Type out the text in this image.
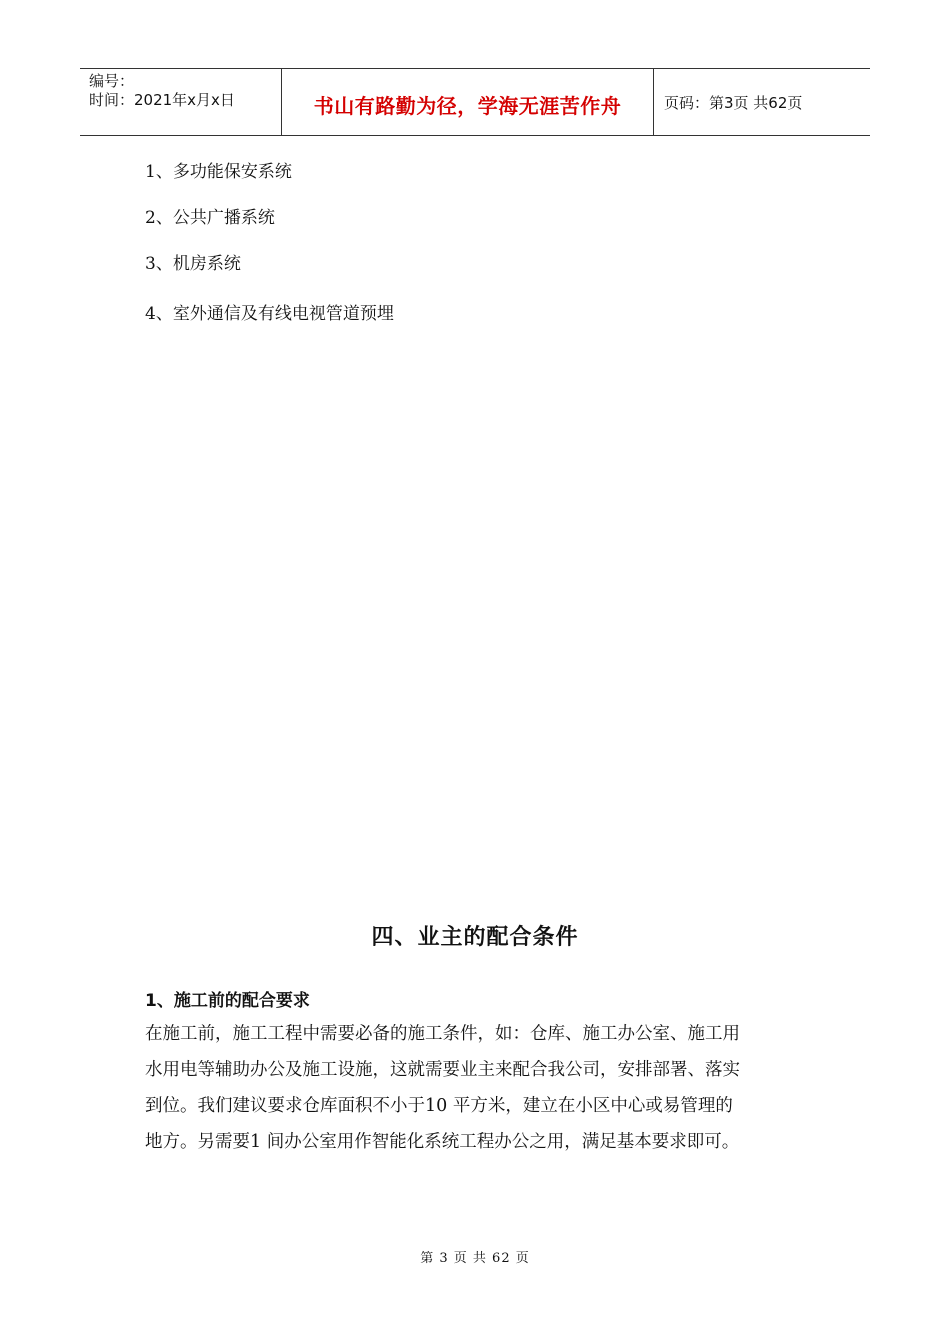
编号：
时间：2021年x月x日	书山有路勤为径，学海无涯苦作舟	页码：第3页 共62页
1、多功能保安系统
2、公共广播系统
3、机房系统
4、室外通信及有线电视管道预埋
四、业主的配合条件
1、施工前的配合要求
在施工前，施工工程中需要必备的施工条件，如：仓库、施工办公室、施工用
水用电等辅助办公及施工设施，这就需要业主来配合我公司，安排部署、落实
到位。我们建议要求仓库面积不小于10 平方米，建立在小区中心或易管理的
地方。另需要1 间办公室用作智能化系统工程办公之用，满足基本要求即可。
第 3 页 共 62 页
